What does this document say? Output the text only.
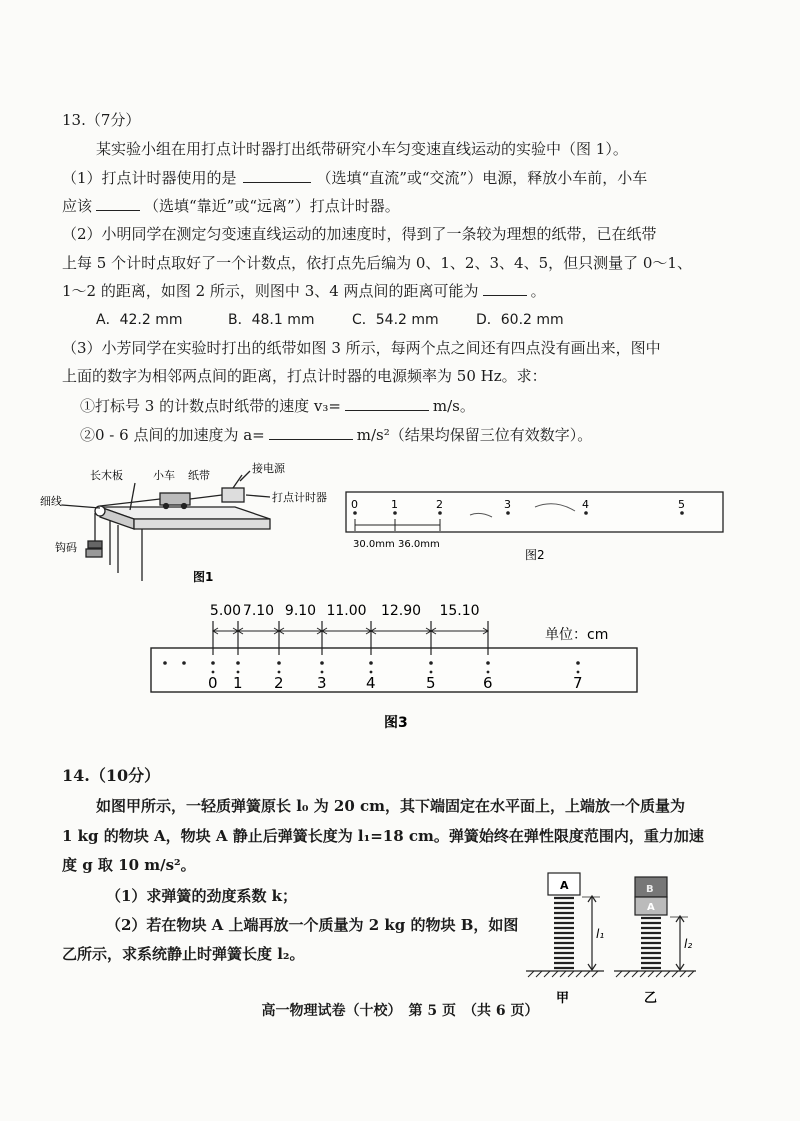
13.（7分）
某实验小组在用打点计时器打出纸带研究小车匀变速直线运动的实验中（图 1）。
（1）打点计时器使用的是	（选填“直流”或“交流”）电源，释放小车前，小车
应该	（选填“靠近”或“远离”）打点计时器。
（2）小明同学在测定匀变速直线运动的加速度时，得到了一条较为理想的纸带，已在纸带
上每 5 个计时点取好了一个计数点，依打点先后编为 0、1、2、3、4、5，但只测量了 0～1、
1～2 的距离，如图 2 所示，则图中 3、4 两点间的距离可能为	。
A．42.2 mm	B．48.1 mm	C．54.2 mm	D．60.2 mm
（3）小芳同学在实验时打出的纸带如图 3 所示，每两个点之间还有四点没有画出来，图中
上面的数字为相邻两点间的距离，打点计时器的电源频率为 50 Hz。求：
①打标号 3 的计数点时纸带的速度 v₃=	m/s。
②0 - 6 点间的加速度为 a=	m/s²（结果均保留三位有效数字）。
长木板	小车 纸带
接电源
打点计时器
细线
钩码
图1
0	1	2	3	4	5
30.0mm 36.0mm
图2
0 1 2 3	4	5	6	7
5.00 7.10 9.10 11.00 12.90 15.10
单位：cm
图3
14.（10分）
如图甲所示，一轻质弹簧原长 l₀ 为 20 cm，其下端固定在水平面上，上端放一个质量为
1 kg 的物块 A，物块 A 静止后弹簧长度为 l₁=18 cm。弹簧始终在弹性限度范围内，重力加速
度 g 取 10 m/s²。
（1）求弹簧的劲度系数 k；
（2）若在物块 A 上端再放一个质量为 2 kg 的物块 B，如图
乙所示，求系统静止时弹簧长度 l₂。
A
l₁
甲
B
A
l₂
乙
高一物理试卷（十校）　第 5 页　（共 6 页）
